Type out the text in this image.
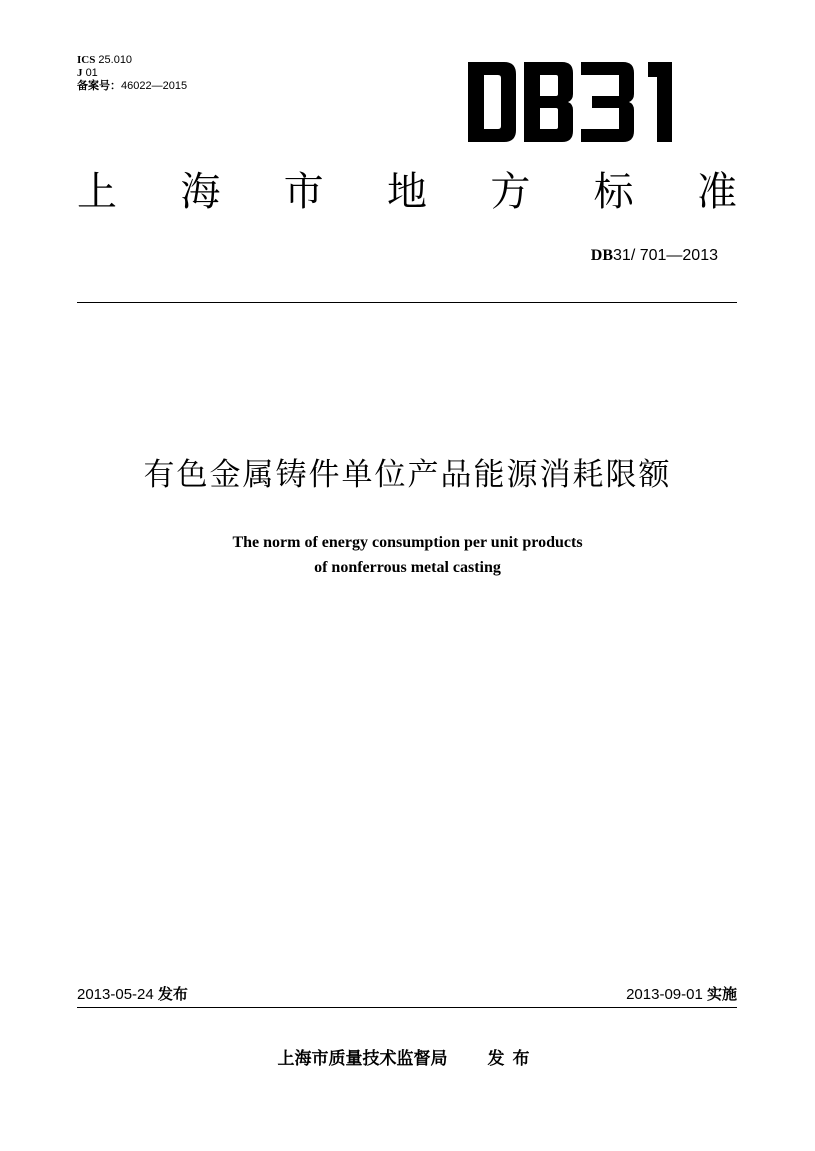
ICS 25.010
J 01
备案号：46022—2015
上 海 市 地 方 标 准
DB31/ 701—2013
有色金属铸件单位产品能源消耗限额
The norm of energy consumption per unit products
of nonferrous metal casting
2013-05-24 发布	2013-09-01 实施
上海市质量技术监督局 发布
